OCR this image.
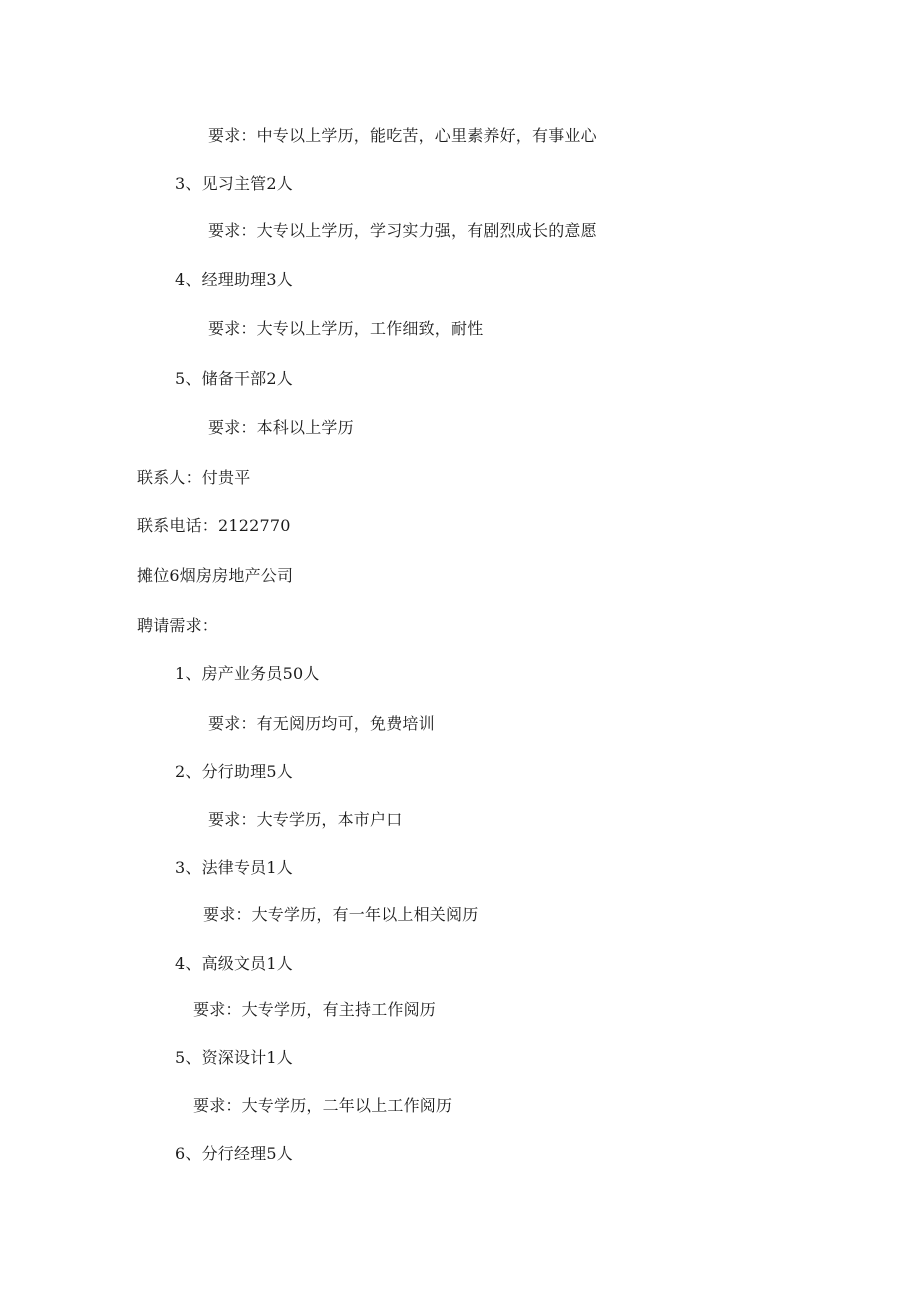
要求：中专以上学历，能吃苦，心里素养好，有事业心
3、见习主管2人
要求：大专以上学历，学习实力强，有剧烈成长的意愿
4、经理助理3人
要求：大专以上学历，工作细致，耐性
5、储备干部2人
要求：本科以上学历
联系人：付贵平
联系电话：2122770
摊位6烟房房地产公司
聘请需求：
1、房产业务员50人
要求：有无阅历均可，免费培训
2、分行助理5人
要求：大专学历，本市户口
3、法律专员1人
要求：大专学历，有一年以上相关阅历
4、高级文员1人
要求：大专学历，有主持工作阅历
5、资深设计1人
要求：大专学历，二年以上工作阅历
6、分行经理5人
